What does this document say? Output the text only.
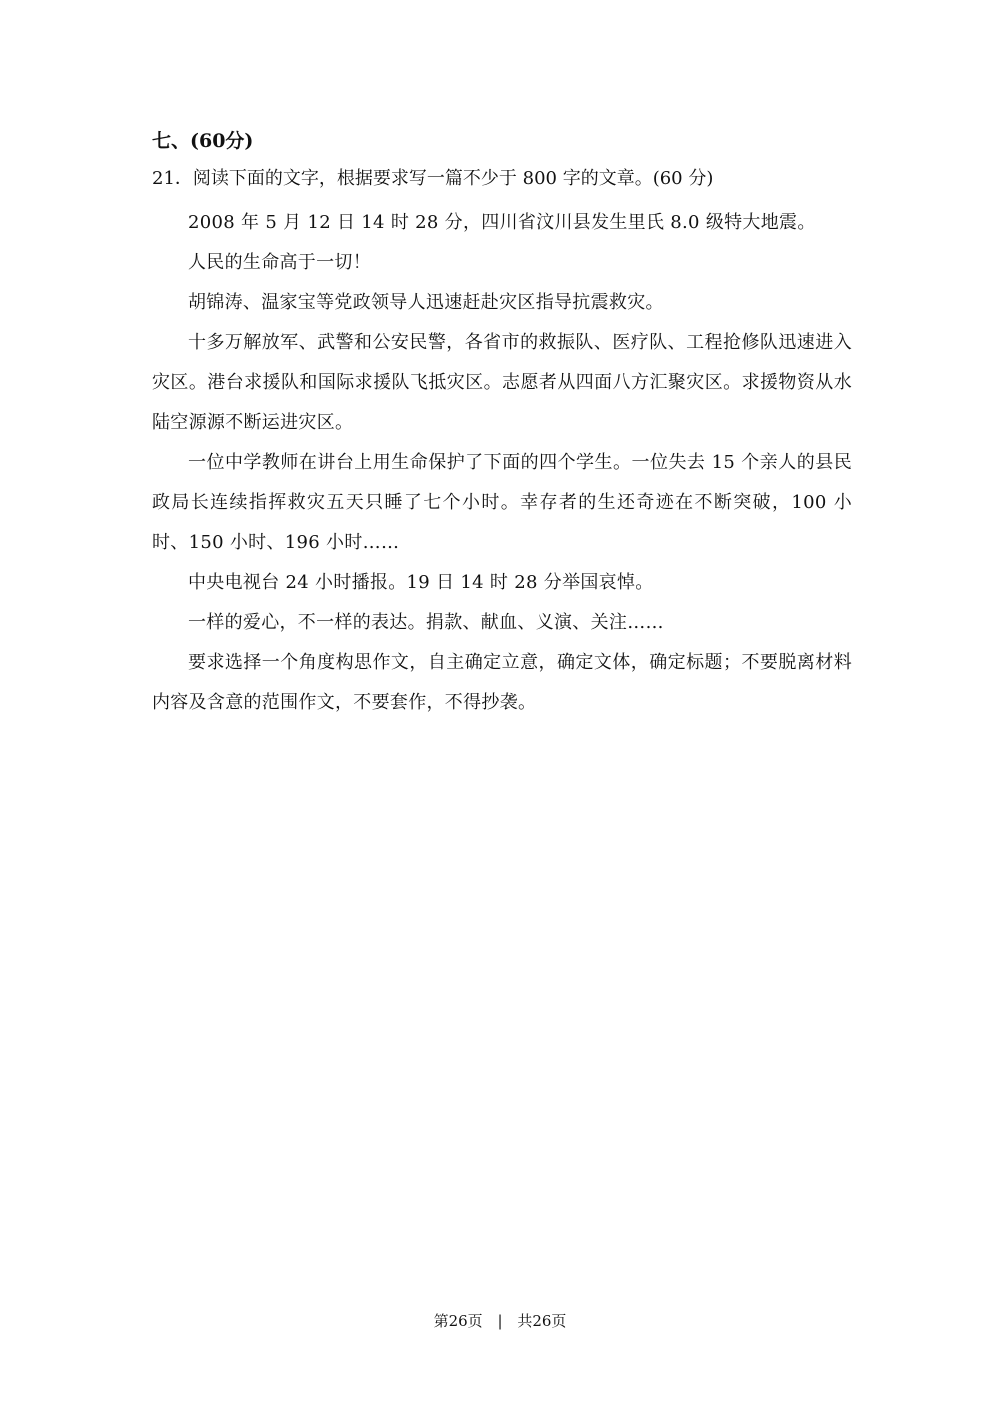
七、(60分)
21．阅读下面的文字，根据要求写一篇不少于 800 字的文章。(60 分)

2008 年 5 月 12 日 14 时 28 分，四川省汶川县发生里氏 8.0 级特大地震。

人民的生命高于一切！

胡锦涛、温家宝等党政领导人迅速赶赴灾区指导抗震救灾。

十多万解放军、武警和公安民警，各省市的救振队、医疗队、工程抢修队迅速进入灾区。港台求援队和国际求援队飞抵灾区。志愿者从四面八方汇聚灾区。求援物资从水陆空源源不断运进灾区。

一位中学教师在讲台上用生命保护了下面的四个学生。一位失去 15 个亲人的县民政局长连续指挥救灾五天只睡了七个小时。幸存者的生还奇迹在不断突破，100 小时、150 小时、196 小时……

中央电视台 24 小时播报。19 日 14 时 28 分举国哀悼。

一样的爱心，不一样的表达。捐款、献血、义演、关注……

要求选择一个角度构思作文，自主确定立意，确定文体，确定标题；不要脱离材料内容及含意的范围作文，不要套作，不得抄袭。

第26页 | 共26页
